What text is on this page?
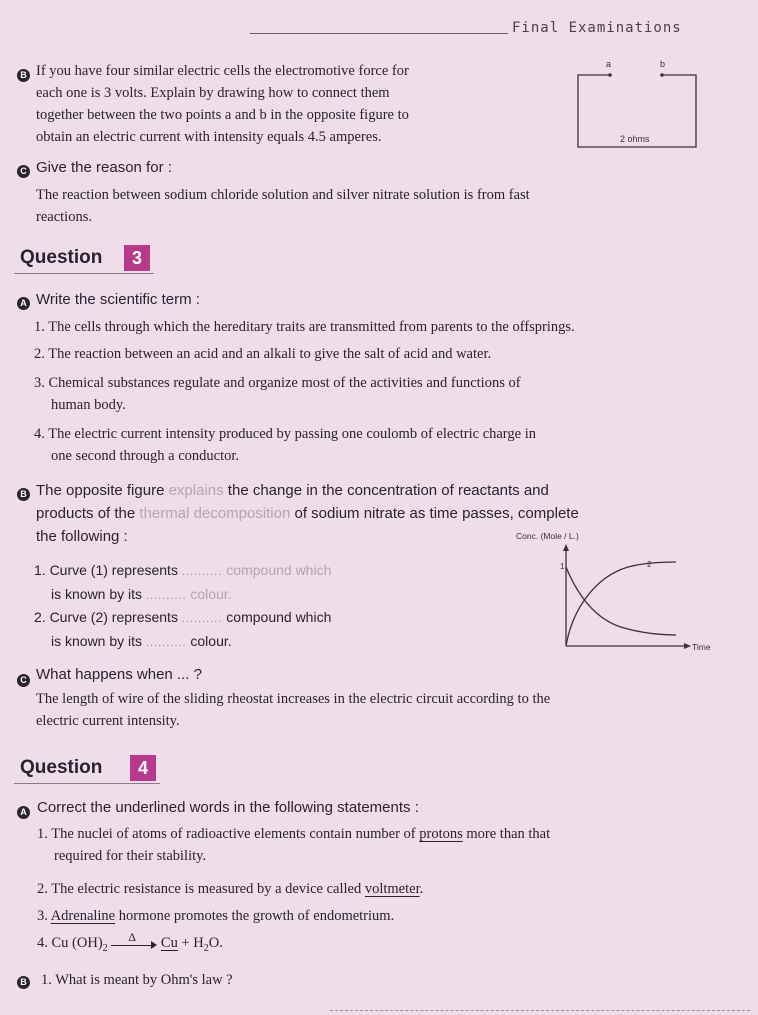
Final Examinations
B If you have four similar electric cells the electromotive force for
each one is 3 volts. Explain by drawing how to connect them
together between the two points a and b in the opposite figure to
obtain an electric current with intensity equals 4.5 amperes.
a	b
2 ohms
C Give the reason for :
The reaction between sodium chloride solution and silver nitrate solution is from fast
reactions.
Question	3
A Write the scientific term :
1. The cells through which the hereditary traits are transmitted from parents to the offsprings.
2. The reaction between an acid and an alkali to give the salt of acid and water.
3. Chemical substances regulate and organize most of the activities and functions of
human body.
4. The electric current intensity produced by passing one coulomb of electric charge in
one second through a conductor.
B The opposite figure explains the change in the concentration of reactants and
products of the thermal decomposition of sodium nitrate as time passes, complete
the following :
1. Curve (1) represents .......... compound which
is known by its .......... colour.
2. Curve (2) represents .......... compound which
is known by its .......... colour.
Conc. (Mole / L.)
Time
1	2
C What happens when ... ?
The length of wire of the sliding rheostat increases in the electric circuit according to the
electric current intensity.
Question	4
A Correct the underlined words in the following statements :
1. The nuclei of atoms of radioactive elements contain number of protons more than that
required for their stability.
2. The electric resistance is measured by a device called voltmeter.
3. Adrenaline hormone promotes the growth of endometrium.
4. Cu $(OH)_2$
Δ $Cu + H_2O$.
B 1. What is meant by Ohm's law ?
